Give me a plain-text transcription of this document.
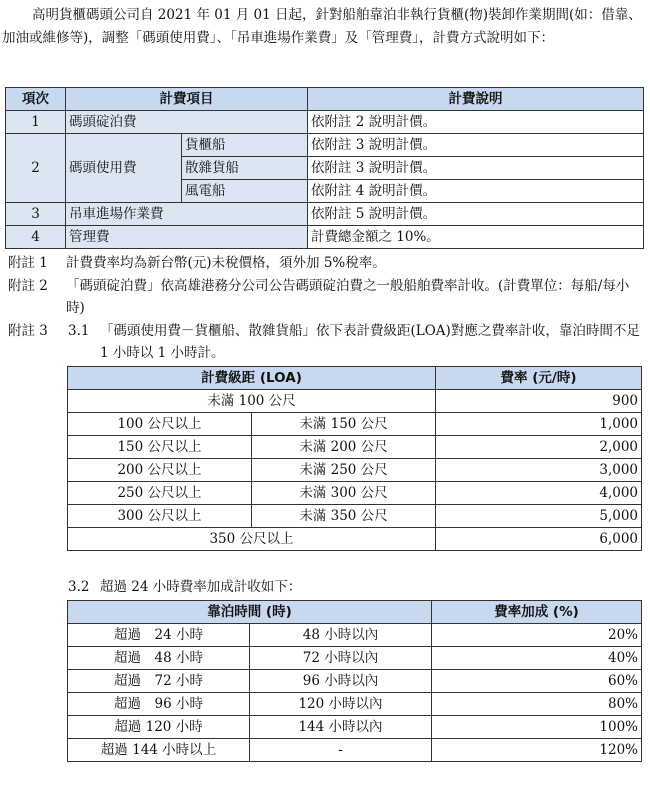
高明貨櫃碼頭公司自 2021 年 01 月 01 日起，針對船舶靠泊非執行貨櫃(物)裝卸作業期間(如：借靠、加油或維修等)，調整「碼頭使用費」、「吊車進場作業費」及「管理費」，計費方式說明如下：

項次	計費項目		計費說明
1	碼頭碇泊費		依附註 2 說明計價。
2	碼頭使用費	貨櫃船	依附註 3 說明計價。
		散雜貨船	依附註 3 說明計價。
		風電船	依附註 4 說明計價。
3	吊車進場作業費		依附註 5 說明計價。
4	管理費		計費總金額之 10%。
附註 1 計費費率均為新台幣(元)未稅價格，須外加 5%稅率。
附註 2 「碼頭碇泊費」依高雄港務分公司公告碼頭碇泊費之一般船舶費率計收。(計費單位：每船/每小時)
附註 3 3.1 「碼頭使用費－貨櫃船、散雜貨船」依下表計費級距(LOA)對應之費率計收，靠泊時間不足 1 小時以 1 小時計。
計費級距 (LOA)		費率 (元/時)
未滿 100 公尺		900
100 公尺以上	未滿 150 公尺	1,000
150 公尺以上	未滿 200 公尺	2,000
200 公尺以上	未滿 250 公尺	3,000
250 公尺以上	未滿 300 公尺	4,000
300 公尺以上	未滿 350 公尺	5,000
350 公尺以上		6,000
3.2 超過 24 小時費率加成計收如下：
靠泊時間 (時)		費率加成 (%)
超過　24 小時	48 小時以內	20%
超過　48 小時	72 小時以內	40%
超過　72 小時	96 小時以內	60%
超過　96 小時	120 小時以內	80%
超過 120 小時	144 小時以內	100%
超過 144 小時以上	-	120%
